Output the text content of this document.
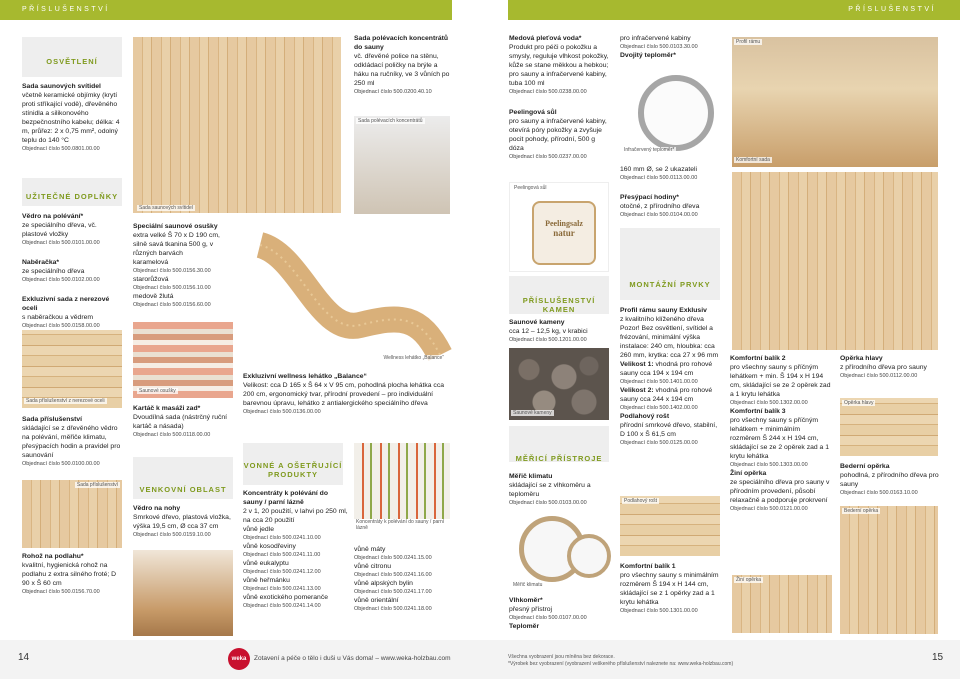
PŘÍSLUŠENSTVÍ	PŘÍSLUŠENSTVÍ
OSVĚTLENÍ
Sada saunových svítidel
včetně keramické objímky (krytí proti stříkající vodě), dřevěného stínidla a silikonového bezpečnostního kabelu; délka: 4 m, průřez: 2 x 0,75 mm², odolný teplu do 140 °C
Objednací číslo 500.0801.00.00
UŽITEČNÉ DOPLŇKY
Vědro na polévání*
ze speciálního dřeva, vč. plastové vložky
Objednací číslo 500.0101.00.00
Naběračka*
ze speciálního dřeva
Objednací číslo 500.0102.00.00
Exkluzivní sada z nerezové oceli
s naběračkou a vědrem
Objednací číslo 500.0158.00.00
Sada příslušenství z nerezové oceli
Sada příslušenství
skládající se z dřevěného vědro na polévání, měřiče klimatu, přesýpacích hodin a pravidel pro saunování
Objednací číslo 500.0100.00.00
Sada příslušenství
Rohož na podlahu*
kvalitní, hygienická rohož na podlahu z extra silného froté; D 90 x Š 60 cm
Objednací číslo 500.0156.70.00
Sada saunových svítidel
Speciální saunové osušky
extra velké Š 70 x D 190 cm, silně savá tkanina 500 g, v různých barvách
karamelová
Objednací číslo 500.0156.30.00
starorůžová
Objednací číslo 500.0156.10.00
medově žlutá
Objednací číslo 500.0156.60.00
Saunové osušky
Kartáč k masáži zad*
Dvoudílná sada (nástrčný ruční kartáč a násada)
Objednací číslo 500.0118.00.00
VENKOVNÍ OBLAST
Vědro na nohy
Smrkové dřevo, plastová vložka, výška 19,5 cm, Ø cca 37 cm
Objednací číslo 500.0159.10.00
Wellness lehátko „Balance“
Sada polévacích koncentrátů do sauny
vč. dřevěné police na stěnu, odkládací poličky na brýle a háku na ručníky, ve 3 vůních po 250 ml
Objednací číslo 500.0200.40.10
Sada polévacích koncentrátů
Exkluzivní wellness lehátko „Balance“
Velikost: cca D 165 x Š 64 x V 95 cm, pohodlná plocha lehátka cca 200 cm, ergonomický tvar, přírodní provedení – pro individuální barevnou úpravu, lehátko z antialergického speciálního dřeva
Objednací číslo 500.0136.00.00
VONNÉ A OŠETŘUJÍCÍ PRODUKTY
Koncentráty k polévání do sauny / parní lázně
Koncentráty k polévání do sauny / parní lázně
2 v 1, 20 použití, v lahvi po 250 ml, na cca 20 použití
vůně jedle
Objednací číslo 500.0241.10.00
vůně kosodřeviny
Objednací číslo 500.0241.11.00
vůně eukalyptu
Objednací číslo 500.0241.12.00
vůně heřmánku
Objednací číslo 500.0241.13.00
vůně exotického pomeranče
Objednací číslo 500.0241.14.00
vůně máty
Objednací číslo 500.0241.15.00
vůně citronu
Objednací číslo 500.0241.16.00
vůně alpských bylin
Objednací číslo 500.0241.17.00
vůně orientální
Objednací číslo 500.0241.18.00
Medová pleťová voda*
Produkt pro péči o pokožku a smysly, reguluje vlhkost pokožky, kůže se stane měkkou a hebkou; pro sauny a infračervené kabiny, tuba 100 ml
Objednací číslo 500.0238.00.00
Peelingová sůl
pro sauny a infračervené kabiny, otevírá póry pokožky a zvyšuje pocit pohody, přírodní, 500 g dóza
Objednací číslo 500.0237.00.00
Peelingová sůl
Peelingsalz
natur
PŘÍSLUŠENSTVÍ KAMEN
Saunové kameny
cca 12 – 12,5 kg, v krabici
Objednací číslo 500.1201.00.00
Saunové kameny
MĚŘICÍ PŘÍSTROJE
Měřič klimatu
skládající se z vlhkoměru a teploměru
Objednací číslo 500.0103.00.00
Měřič klimatu
Vlhkoměr*
přesný přístroj
Objednací číslo 500.0107.00.00
Teploměr
pro infračervené kabiny
Objednací číslo 500.0103.30.00
Dvojitý teploměr*
Infračervený teploměr*
160 mm Ø, se 2 ukazateli
Objednací číslo 500.0113.00.00
Přesýpací hodiny*
otočné, z přírodního dřeva
Objednací číslo 500.0104.00.00
MONTÁŽNÍ PRVKY
Profil rámu sauny Exklusiv
z kvalitního klíženého dřeva Pozor! Bez osvětlení, svítidel a frézování, minimální výška instalace: 240 cm, hloubka: cca 260 mm, krytka: cca 27 x 96 mm
Velikost 1: vhodná pro rohové sauny cca 194 x 194 cm
Objednací číslo 500.1401.00.00
Velikost 2: vhodná pro rohové sauny cca 244 x 194 cm
Objednací číslo 500.1402.00.00
Podlahový rošt
přírodní smrkové dřevo, stabilní, D 100 x Š 61,5 cm
Objednací číslo 500.0125.00.00
Podlahový rošt
Komfortní balík 1
pro všechny sauny s minimálním rozměrem Š 194 x H 144 cm, skládající se z 1 opěrky zad a 1 krytu lehátka
Objednací číslo 500.1301.00.00
Profil rámu
Komfortní sada
Komfortní balík 2
pro všechny sauny s příčným lehátkem + min. Š 194 x H 194 cm, skládající se ze 2 opěrek zad a 1 krytu lehátka
Objednací číslo 500.1302.00.00
Komfortní balík 3
pro všechny sauny s příčným lehátkem + minimálním rozměrem Š 244 x H 194 cm, skládající se ze 2 opěrek zad a 1 krytu lehátka
Objednací číslo 500.1303.00.00
Žiní opěrka
ze speciálního dřeva pro sauny v přírodním provedení, působí relaxačně a podporuje prokrvení
Objednací číslo 500.0121.00.00
Žiní opěrka
Opěrka hlavy
z přírodního dřeva pro sauny
Objednací číslo 500.0112.00.00
Opěrka hlavy
Bederní opěrka
pohodlná, z přírodního dřeva pro sauny
Objednací číslo 500.0163.10.00
Bederní opěrka
14	15
weka	Zotavení a péče o tělo i duši u Vás doma! – www.weka-holzbau.com	Všechna vyobrazení jsou míněna bez dekorace.
*Výrobek bez vyobrazení (vyobrazení veškerého příslušenství naleznete na: www.weka-holzbau.com)
